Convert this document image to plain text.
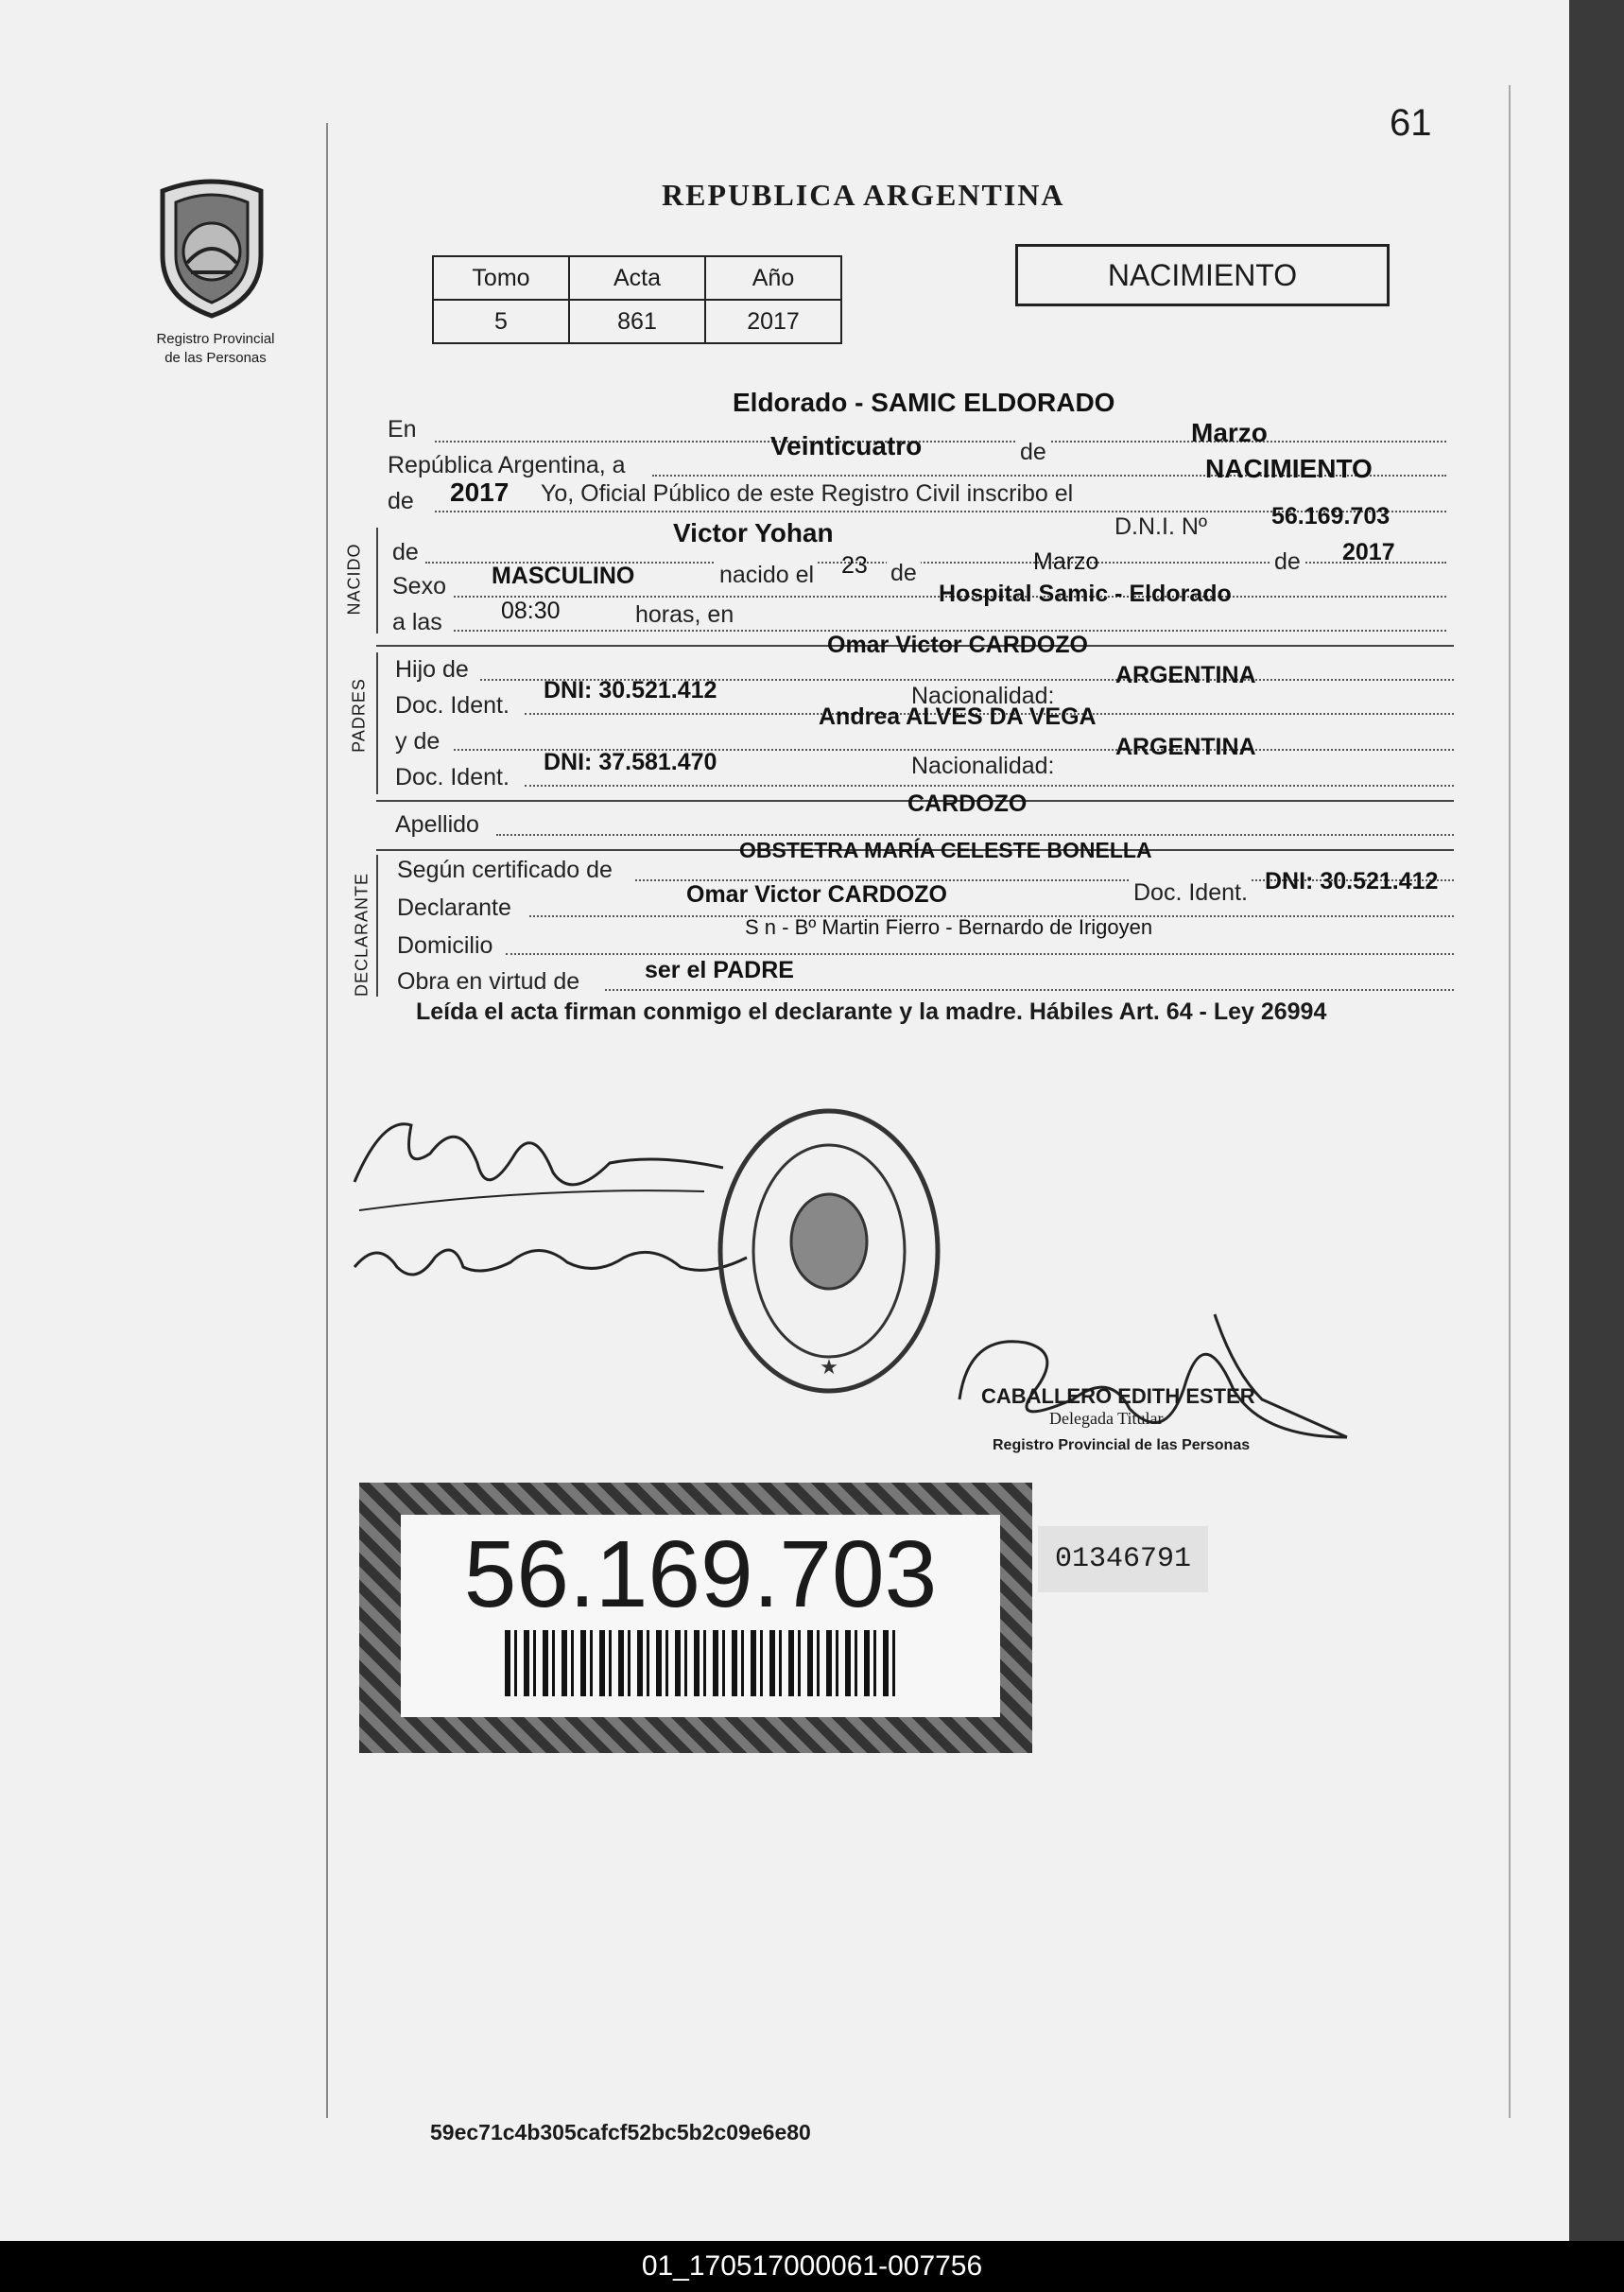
61
Registro Provincial
de las Personas
REPUBLICA ARGENTINA
Tomo	Acta	Año
5	861	2017
NACIMIENTO
En
Eldorado - SAMIC ELDORADO
República Argentina, a
Veinticuatro	de
Marzo
de 2017 Yo, Oficial Público de este Registro Civil inscribo el
NACIMIENTO
NACIDO de
Victor Yohan	D.N.I. Nº	56.169.703
Sexo MASCULINO	nacido el 23 de	Marzo	de 2017
a las 08:30	horas, en
Hospital Samic - Eldorado
PADRES
Hijo de
Omar Victor CARDOZO
Doc. Ident.
DNI: 30.521.412	Nacionalidad:
ARGENTINA
y de
Andrea ALVES DA VEGA
Doc. Ident.
DNI: 37.581.470	Nacionalidad:
ARGENTINA
Apellido
CARDOZO
DECLARANTE
Según certificado de
OBSTETRA MARÍA CELESTE BONELLA
Declarante	Omar Victor CARDOZO	Doc. Ident. DNI: 30.521.412
Domicilio
S n - Bº Martin Fierro - Bernardo de Irigoyen
Obra en virtud de	ser el PADRE
Leída el acta firman conmigo el declarante y la madre. Hábiles Art. 64 - Ley 26994
★
CABALLERO EDITH ESTER
Delegada Titular
Registro Provincial de las Personas
56.169.703	01346791
59ec71c4b305cafcf52bc5b2c09e6e80
01_170517000061-007756
